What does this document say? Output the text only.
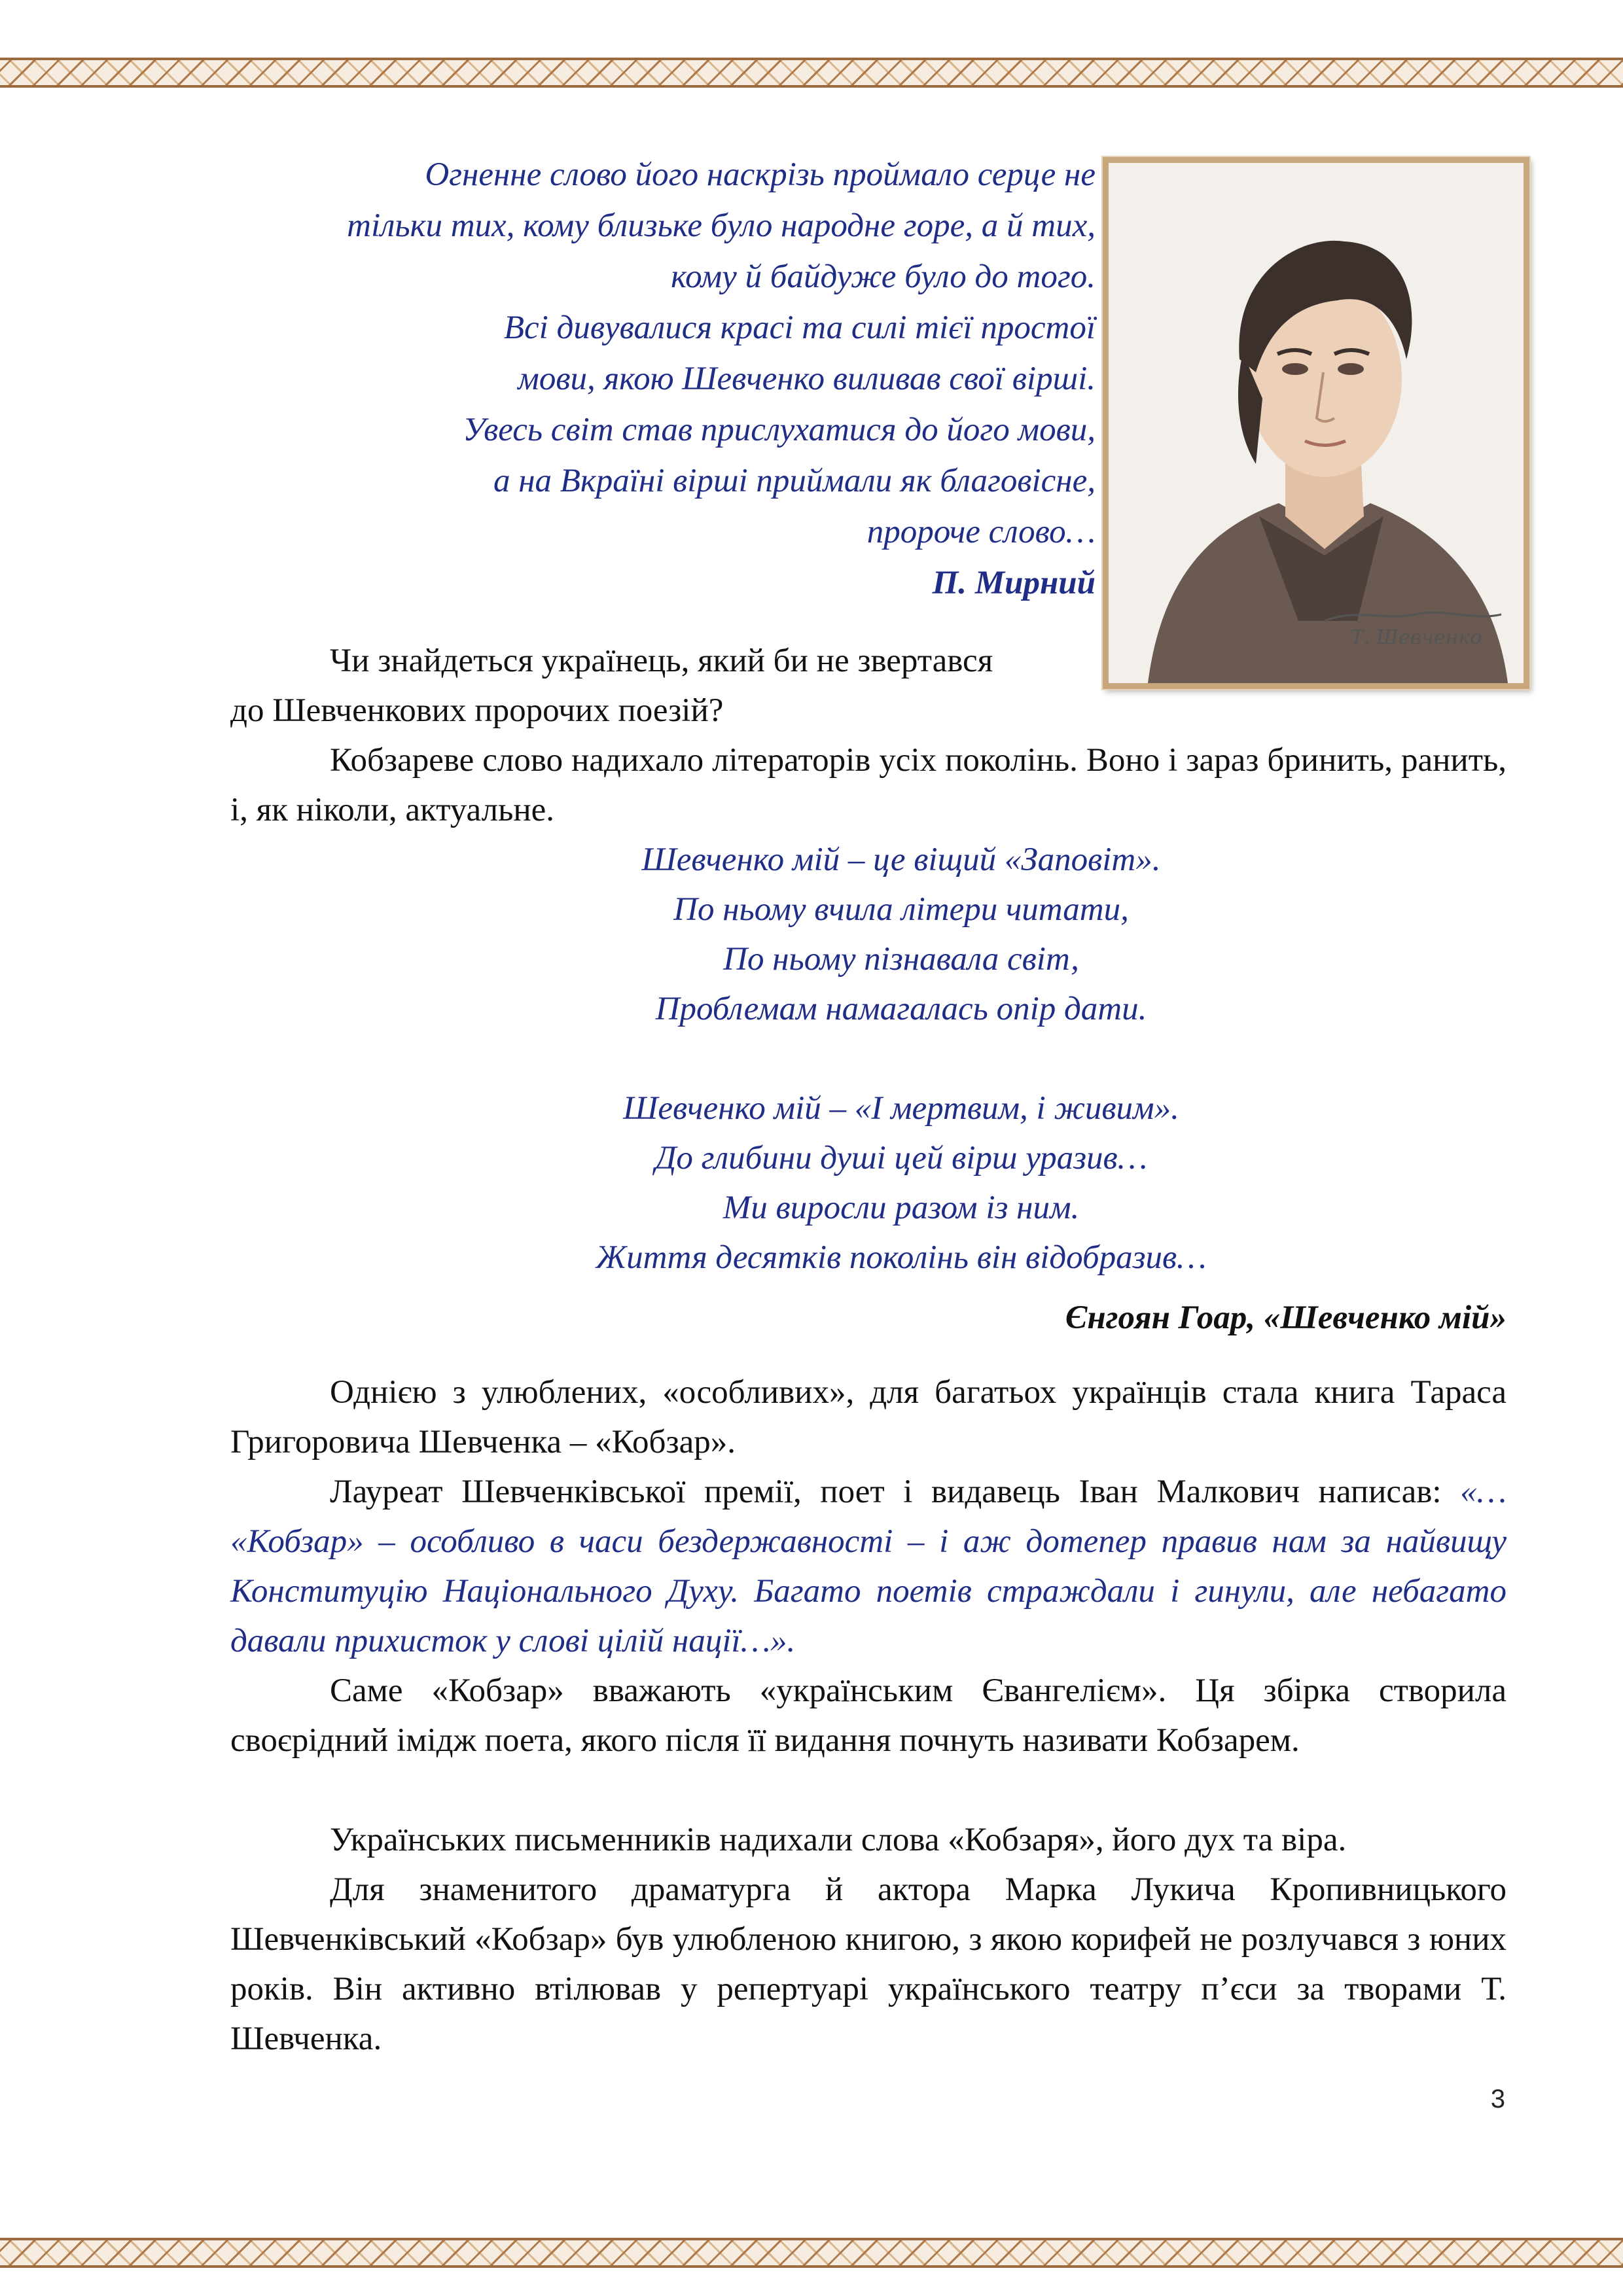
Огненне слово його наскрізь проймало серце не
тільки тих, кому близьке було народне горе, а й тих,
кому й байдуже було до того.
Всі дивувалися красі та силі тієї простої
мови, якою Шевченко виливав свої вірші.
Увесь світ став прислухатися до його мови,
а на Вкраїні вірші приймали як благовісне,
пророче слово…
П. Мирний
Т. Шевченко
Чи знайдеться українець, який би не звертався
до Шевченкових пророчих поезій?
Кобзареве слово надихало літераторів усіх поколінь. Воно і зараз бринить, ранить, і, як ніколи, актуальне.
Шевченко мій – це віщий «Заповіт».
По ньому вчила літери читати,
По ньому пізнавала світ,
Проблемам намагалась опір дати.
Шевченко мій – «І мертвим, і живим».
До глибини душі цей вірш уразив…
Ми виросли разом із ним.
Життя десятків поколінь він відобразив…
Єнгоян Гоар, «Шевченко мій»
Однією з улюблених, «особливих», для багатьох українців стала книга Тараса Григоровича Шевченка – «Кобзар».
Лауреат Шевченківської премії, поет і видавець Іван Малкович написав: «… «Кобзар» – особливо в часи бездержавності – і аж дотепер правив нам за найвищу Конституцію Національного Духу. Багато поетів страждали і гинули, але небагато давали прихисток у слові цілій нації…».
Саме «Кобзар» вважають «українським Євангелієм». Ця збірка створила своєрідний імідж поета, якого після її видання почнуть називати Кобзарем.
Українських письменників надихали слова «Кобзаря», його дух та віра.
Для знаменитого драматурга й актора Марка Лукича Кропивницького Шевченківський «Кобзар» був улюбленою книгою, з якою корифей не розлучався з юних років. Він активно втілював у репертуарі українського театру п’єси за творами Т. Шевченка.
3
